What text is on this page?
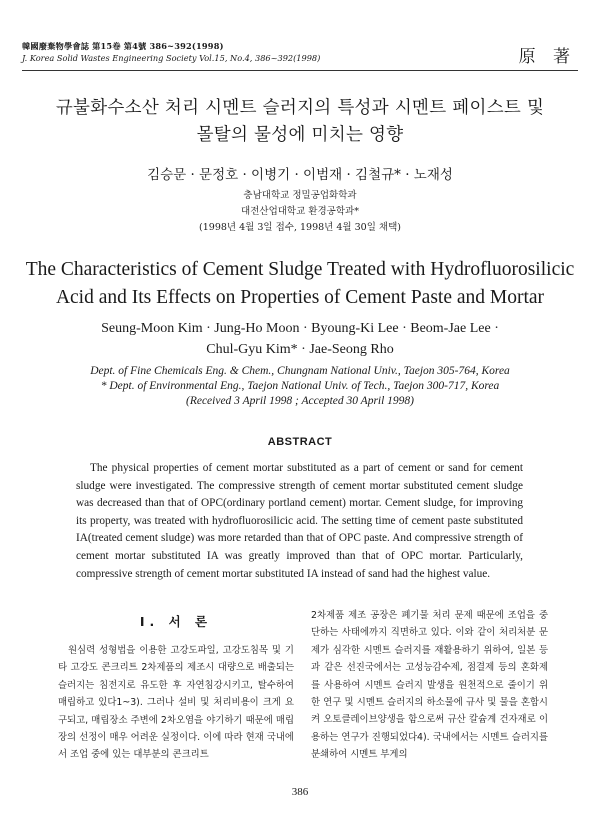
韓國廢棄物學會誌 第15卷 第4號 386~392(1998)
J. Korea Solid Wastes Engineering Society Vol.15, No.4, 386~392(1998)	原 著
규불화수소산 처리 시멘트 슬러지의 특성과 시멘트 페이스트 및
몰탈의 물성에 미치는 영향
김승문 · 문정호 · 이병기 · 이범재 · 김철규* · 노재성
충남대학교 정밀공업화학과
대전산업대학교 환경공학과*
(1998년 4월 3일 접수, 1998년 4월 30일 채택)
The Characteristics of Cement Sludge Treated with Hydrofluorosilicic
Acid and Its Effects on Properties of Cement Paste and Mortar
Seung-Moon Kim · Jung-Ho Moon · Byoung-Ki Lee · Beom-Jae Lee ·
Chul-Gyu Kim* · Jae-Seong Rho
Dept. of Fine Chemicals Eng. & Chem., Chungnam National Univ., Taejon 305-764, Korea
* Dept. of Environmental Eng., Taejon National Univ. of Tech., Taejon 300-717, Korea
(Received 3 April 1998 ; Accepted 30 April 1998)
ABSTRACT
The physical properties of cement mortar substituted as a part of cement or sand for cement sludge were investigated. The compressive strength of cement mortar substituted cement sludge was decreased than that of OPC(ordinary portland cement) mortar. Cement sludge, for improving its property, was treated with hydrofluorosilicic acid. The setting time of cement paste substituted IA(treated cement sludge) was more retarded than that of OPC paste. And compressive strength of cement mortar substituted IA was greatly improved than that of OPC mortar. Particularly, compressive strength of cement mortar substituted IA instead of sand had the highest value.
Ⅰ. 서 론
원심력 성형법을 이용한 고강도파일, 고강도침목 및 기타 고강도 콘크리트 2차제품의 제조시 대량으로 배출되는 슬러지는 침전지로 유도한 후 자연침강시키고, 탈수하여 매립하고 있다1~3). 그러나 설비 및 처리비용이 크게 요구되고, 매립장소 주변에 2차오염을 야기하기 때문에 매립장의 선정이 매우 어려운 실정이다. 이에 따라 현재 국내에서 조업 중에 있는 대부분의 콘크리트
2차제품 제조 공장은 폐기물 처리 문제 때문에 조업을 중단하는 사태에까지 직면하고 있다. 이와 같이 처리처분 문제가 심각한 시멘트 슬러지를 재활용하기 위하여, 일본 등과 같은 선진국에서는 고성능감수제, 점결제 등의 혼화제를 사용하여 시멘트 슬러지 발생을 원천적으로 줄이기 위한 연구 및 시멘트 슬러지의 하소물에 규사 및 물을 혼합시켜 오토클레이브양생을 함으로써 규산 칼슘계 건자재로 이용하는 연구가 진행되었다4). 국내에서는 시멘트 슬러지를 분쇄하여 시멘트 부게의
386
